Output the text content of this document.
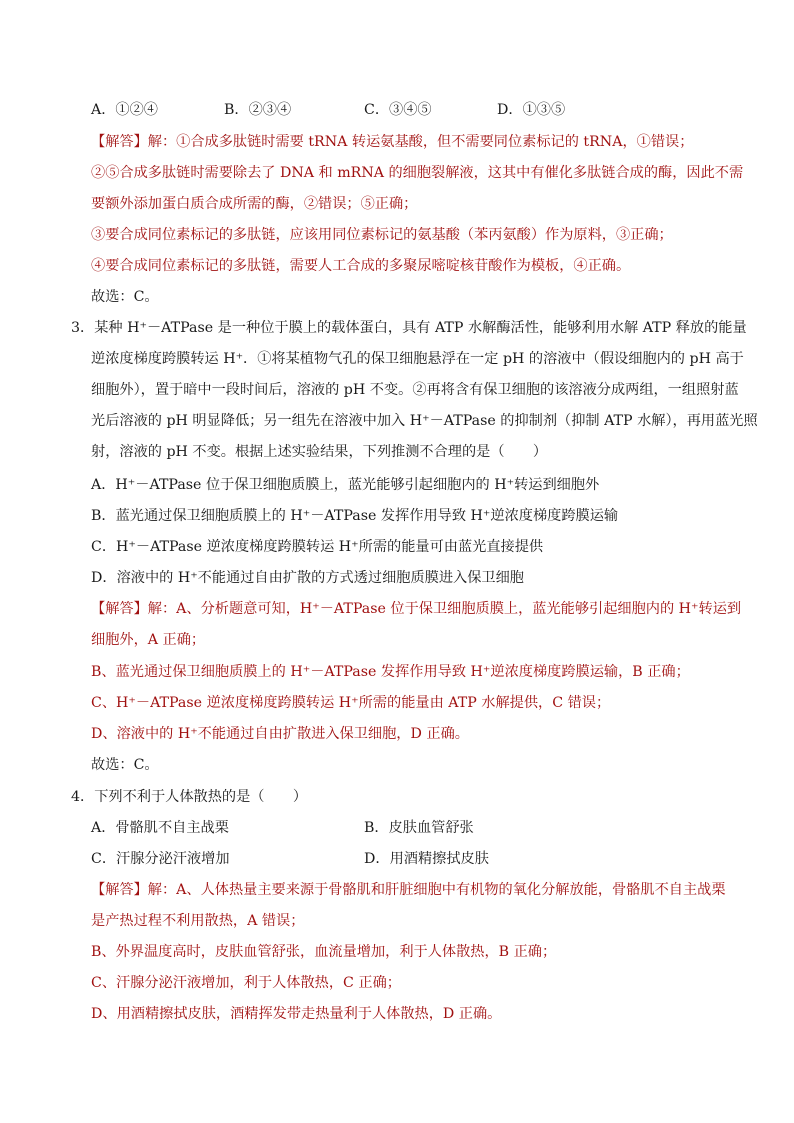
A．①②④	B．②③④	C．③④⑤	D．①③⑤
【解答】解：①合成多肽链时需要 tRNA 转运氨基酸，但不需要同位素标记的 tRNA，①错误；
②⑤合成多肽链时需要除去了 DNA 和 mRNA 的细胞裂解液，这其中有催化多肽链合成的酶，因此不需
要额外添加蛋白质合成所需的酶，②错误；⑤正确；
③要合成同位素标记的多肽链，应该用同位素标记的氨基酸（苯丙氨酸）作为原料，③正确；
④要合成同位素标记的多肽链，需要人工合成的多聚尿嘧啶核苷酸作为模板，④正确。
故选：C。
3．某种 H⁺－ATPase 是一种位于膜上的载体蛋白，具有 ATP 水解酶活性，能够利用水解 ATP 释放的能量
逆浓度梯度跨膜转运 H⁺．①将某植物气孔的保卫细胞悬浮在一定 pH 的溶液中（假设细胞内的 pH 高于
细胞外），置于暗中一段时间后，溶液的 pH 不变。②再将含有保卫细胞的该溶液分成两组，一组照射蓝
光后溶液的 pH 明显降低；另一组先在溶液中加入 H⁺－ATPase 的抑制剂（抑制 ATP 水解），再用蓝光照
射，溶液的 pH 不变。根据上述实验结果，下列推测不合理的是（　　）
A．H⁺－ATPase 位于保卫细胞质膜上，蓝光能够引起细胞内的 H⁺转运到细胞外
B．蓝光通过保卫细胞质膜上的 H⁺－ATPase 发挥作用导致 H⁺逆浓度梯度跨膜运输
C．H⁺－ATPase 逆浓度梯度跨膜转运 H⁺所需的能量可由蓝光直接提供
D．溶液中的 H⁺不能通过自由扩散的方式透过细胞质膜进入保卫细胞
【解答】解：A、分析题意可知，H⁺－ATPase 位于保卫细胞质膜上，蓝光能够引起细胞内的 H⁺转运到
细胞外，A 正确；
B、蓝光通过保卫细胞质膜上的 H⁺－ATPase 发挥作用导致 H⁺逆浓度梯度跨膜运输，B 正确；
C、H⁺－ATPase 逆浓度梯度跨膜转运 H⁺所需的能量由 ATP 水解提供，C 错误；
D、溶液中的 H⁺不能通过自由扩散进入保卫细胞，D 正确。
故选：C。
4．下列不利于人体散热的是（　　）
A．骨骼肌不自主战栗	B．皮肤血管舒张
C．汗腺分泌汗液增加	D．用酒精擦拭皮肤
【解答】解：A、人体热量主要来源于骨骼肌和肝脏细胞中有机物的氧化分解放能，骨骼肌不自主战栗
是产热过程不利用散热，A 错误；
B、外界温度高时，皮肤血管舒张，血流量增加，利于人体散热，B 正确；
C、汗腺分泌汗液增加，利于人体散热，C 正确；
D、用酒精擦拭皮肤，酒精挥发带走热量利于人体散热，D 正确。
